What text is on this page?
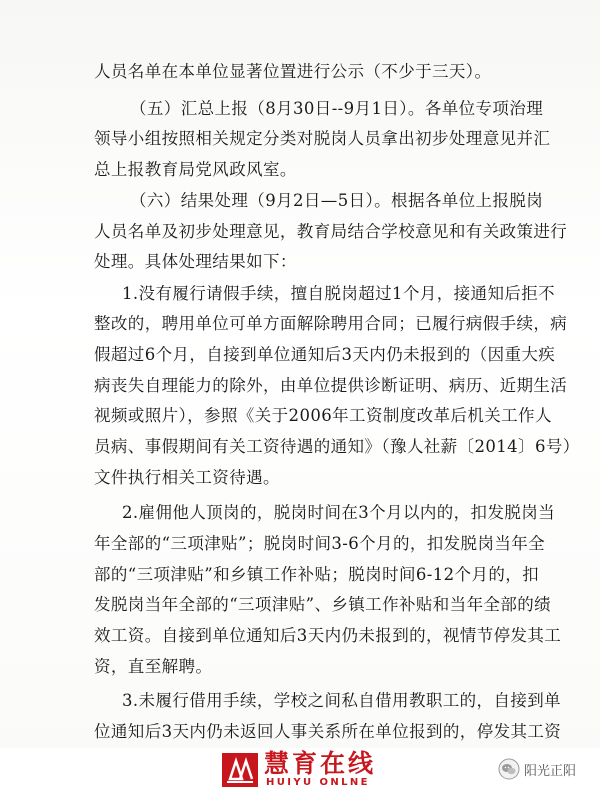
人员名单在本单位显著位置进行公示（不少于三天）。
（五）汇总上报（8月30日--9月1日）。各单位专项治理
领导小组按照相关规定分类对脱岗人员拿出初步处理意见并汇
总上报教育局党风政风室。
（六）结果处理（9月2日—5日）。根据各单位上报脱岗
人员名单及初步处理意见，教育局结合学校意见和有关政策进行
处理。具体处理结果如下：
1.没有履行请假手续，擅自脱岗超过1个月，接通知后拒不
整改的，聘用单位可单方面解除聘用合同；已履行病假手续，病
假超过6个月，自接到单位通知后3天内仍未报到的（因重大疾
病丧失自理能力的除外，由单位提供诊断证明、病历、近期生活
视频或照片），参照《关于2006年工资制度改革后机关工作人
员病、事假期间有关工资待遇的通知》（豫人社薪〔2014〕6号）
文件执行相关工资待遇。
2.雇佣他人顶岗的，脱岗时间在3个月以内的，扣发脱岗当
年全部的“三项津贴”；脱岗时间3-6个月的，扣发脱岗当年全
部的“三项津贴”和乡镇工作补贴；脱岗时间6-12个月的，扣
发脱岗当年全部的“三项津贴”、乡镇工作补贴和当年全部的绩
效工资。自接到单位通知后3天内仍未报到的，视情节停发其工
资，直至解聘。
3.未履行借用手续，学校之间私自借用教职工的，自接到单
位通知后3天内仍未返回人事关系所在单位报到的，停发其工资
慧育在线
HUIYU ONLNE
阳光正阳
